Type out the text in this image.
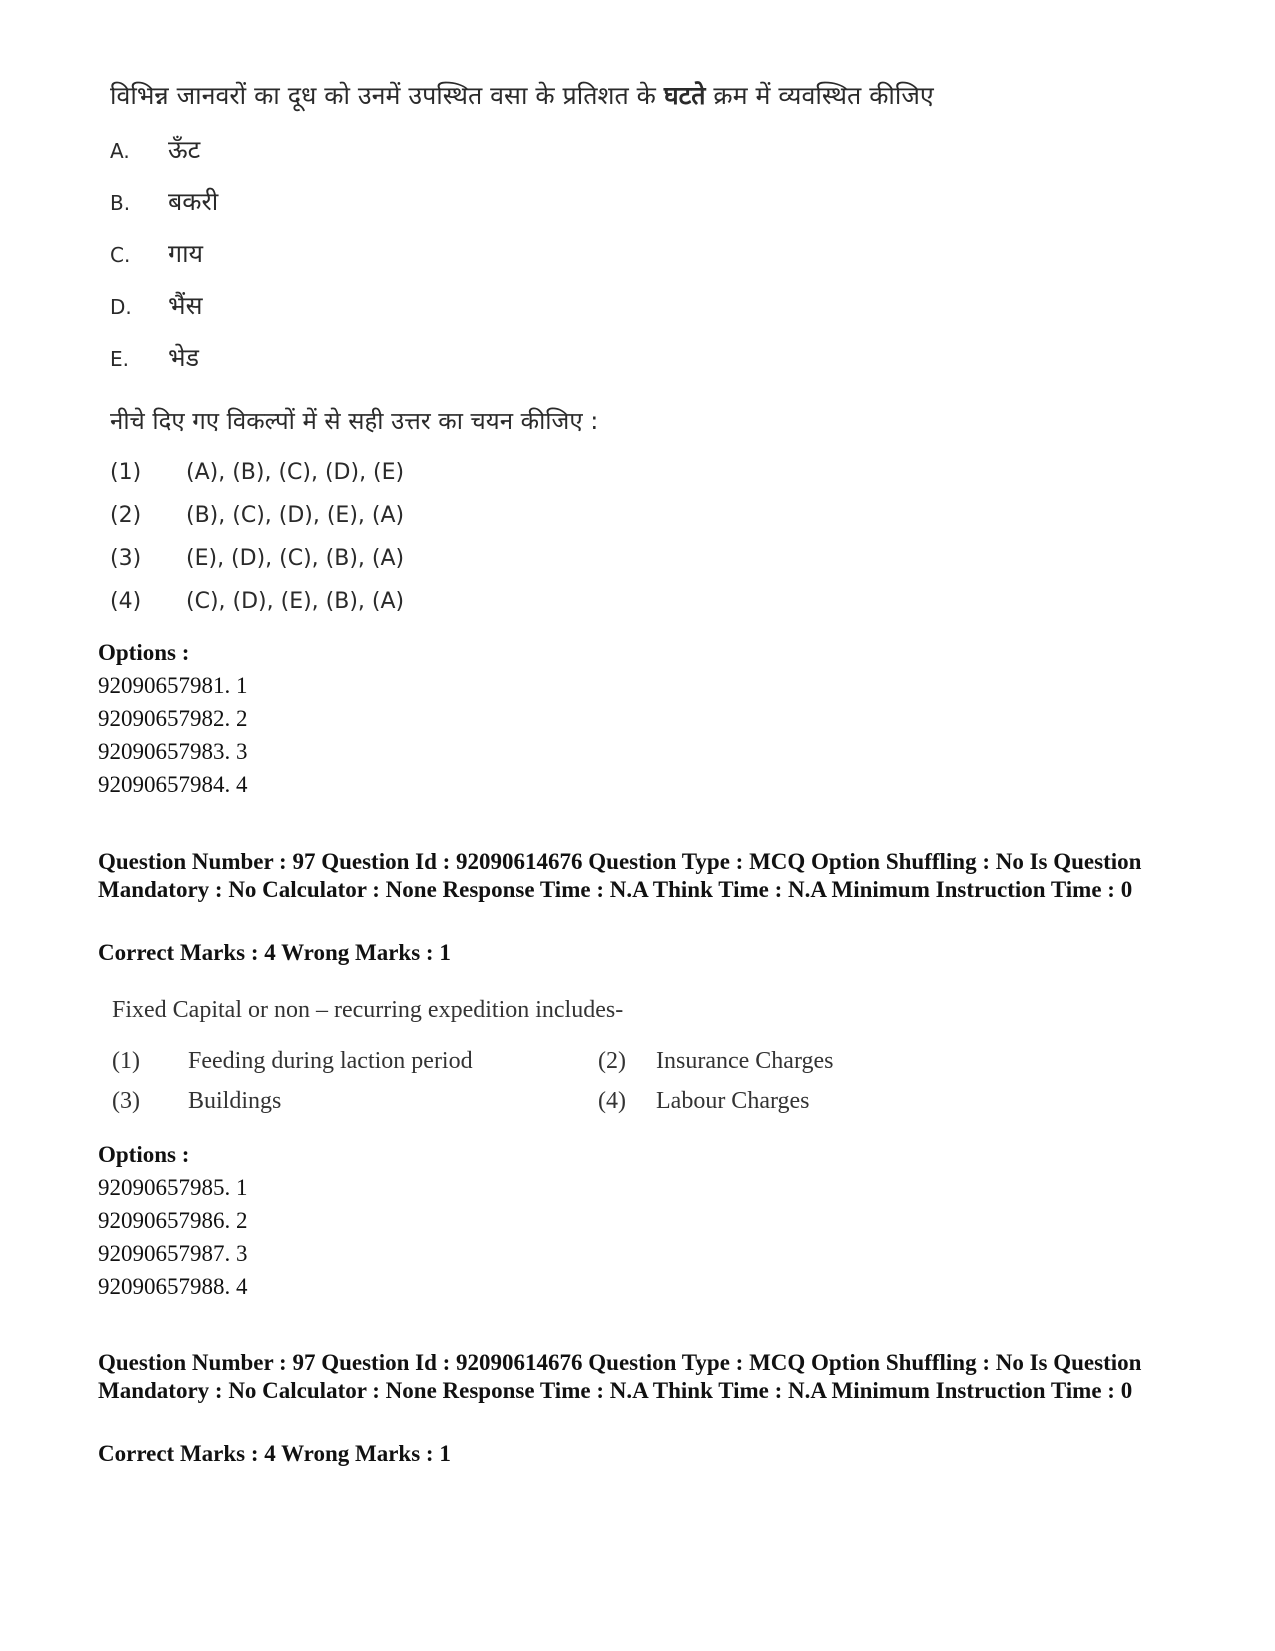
विभिन्न जानवरों का दूध को उनमें उपस्थित वसा के प्रतिशत के घटते क्रम में व्यवस्थित कीजिए
A. ऊँट
B. बकरी
C. गाय
D. भैंस
E. भेड
नीचे दिए गए विकल्पों में से सही उत्तर का चयन कीजिए :
(1) (A), (B), (C), (D), (E)
(2) (B), (C), (D), (E), (A)
(3) (E), (D), (C), (B), (A)
(4) (C), (D), (E), (B), (A)
Options :
92090657981. 1
92090657982. 2
92090657983. 3
92090657984. 4
Question Number : 97 Question Id : 92090614676 Question Type : MCQ Option Shuffling : No Is Question Mandatory : No Calculator : None Response Time : N.A Think Time : N.A Minimum Instruction Time : 0
Correct Marks : 4 Wrong Marks : 1
Fixed Capital or non – recurring expedition includes-
(1) Feeding during laction period	(2) Insurance Charges
(3) Buildings	(4) Labour Charges
Options :
92090657985. 1
92090657986. 2
92090657987. 3
92090657988. 4
Question Number : 97 Question Id : 92090614676 Question Type : MCQ Option Shuffling : No Is Question Mandatory : No Calculator : None Response Time : N.A Think Time : N.A Minimum Instruction Time : 0
Correct Marks : 4 Wrong Marks : 1
